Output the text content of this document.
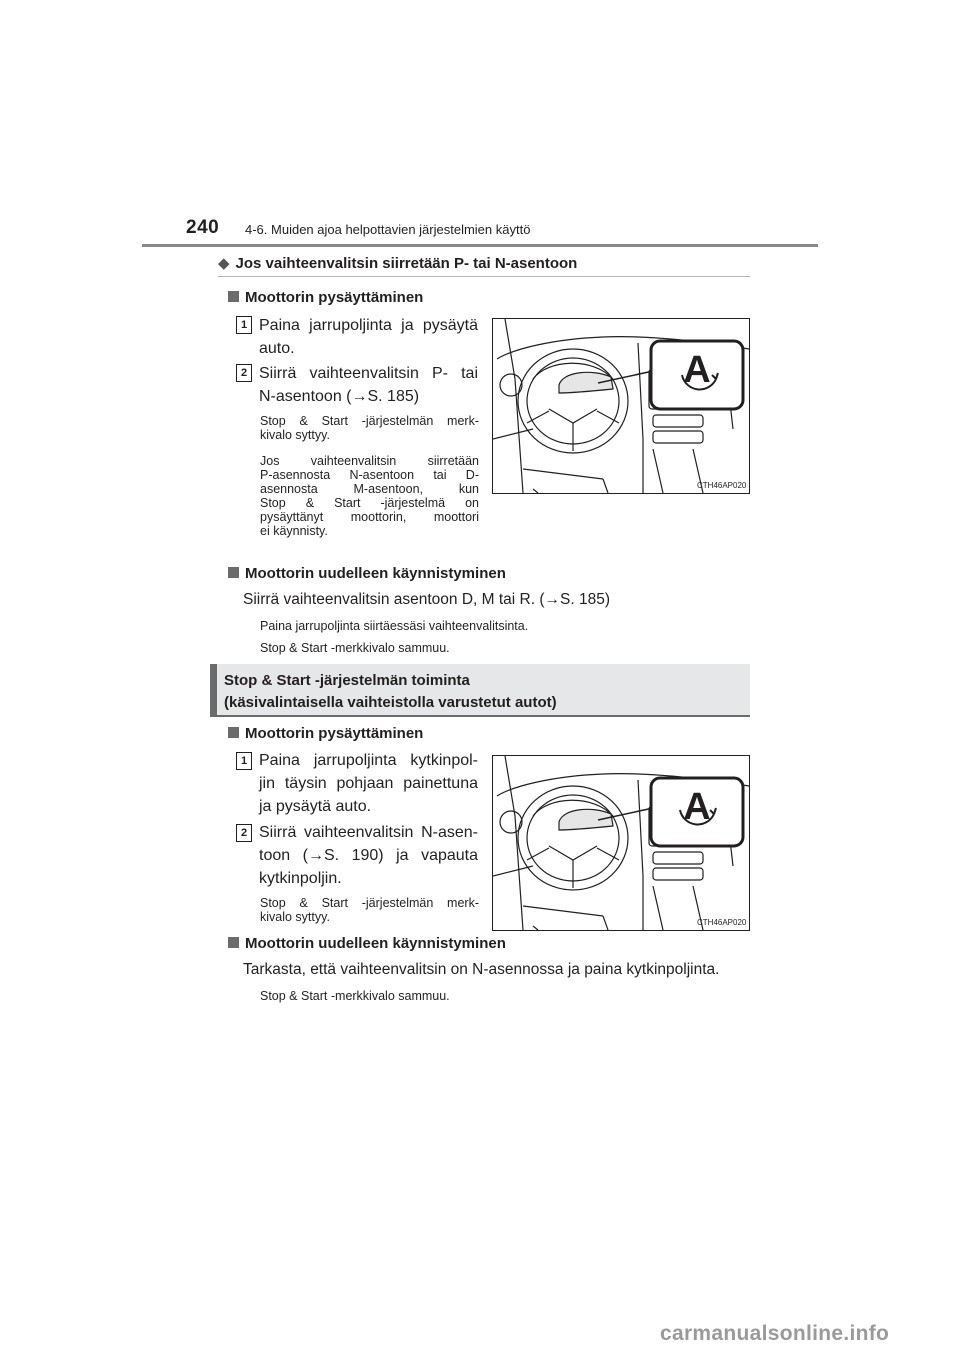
240 4-6. Muiden ajoa helpottavien järjestelmien käyttö
◆ Jos vaihteenvalitsin siirretään P- tai N-asentoon
Moottorin pysäyttäminen
1 Paina jarrupoljinta ja pysäytä
auto.
2 Siirrä vaihteenvalitsin P- tai
N-asentoon (→S. 185)
Stop & Start -järjestelmän merk-
kivalo syttyy.
Jos vaihteenvalitsin siirretään
P-asennosta N-asentoon tai D-
asennosta M-asentoon, kun
Stop & Start -järjestelmä on
pysäyttänyt moottorin, moottori
ei käynnisty.
A
CTH46AP020
Moottorin uudelleen käynnistyminen
Siirrä vaihteenvalitsin asentoon D, M tai R. (→S. 185)
Paina jarrupoljinta siirtäessäsi vaihteenvalitsinta.
Stop & Start -merkkivalo sammuu.
Stop & Start -järjestelmän toiminta
(käsivalintaisella vaihteistolla varustetut autot)
Moottorin pysäyttäminen
1 Paina jarrupoljinta kytkinpol-
jin täysin pohjaan painettuna
ja pysäytä auto.
2 Siirrä vaihteenvalitsin N-asen-
toon (→S. 190) ja vapauta
kytkinpoljin.
Stop & Start -järjestelmän merk-
kivalo syttyy.
A
CTH46AP020
Moottorin uudelleen käynnistyminen
Tarkasta, että vaihteenvalitsin on N-asennossa ja paina kytkinpoljinta.
Stop & Start -merkkivalo sammuu.
carmanualsonline.info
